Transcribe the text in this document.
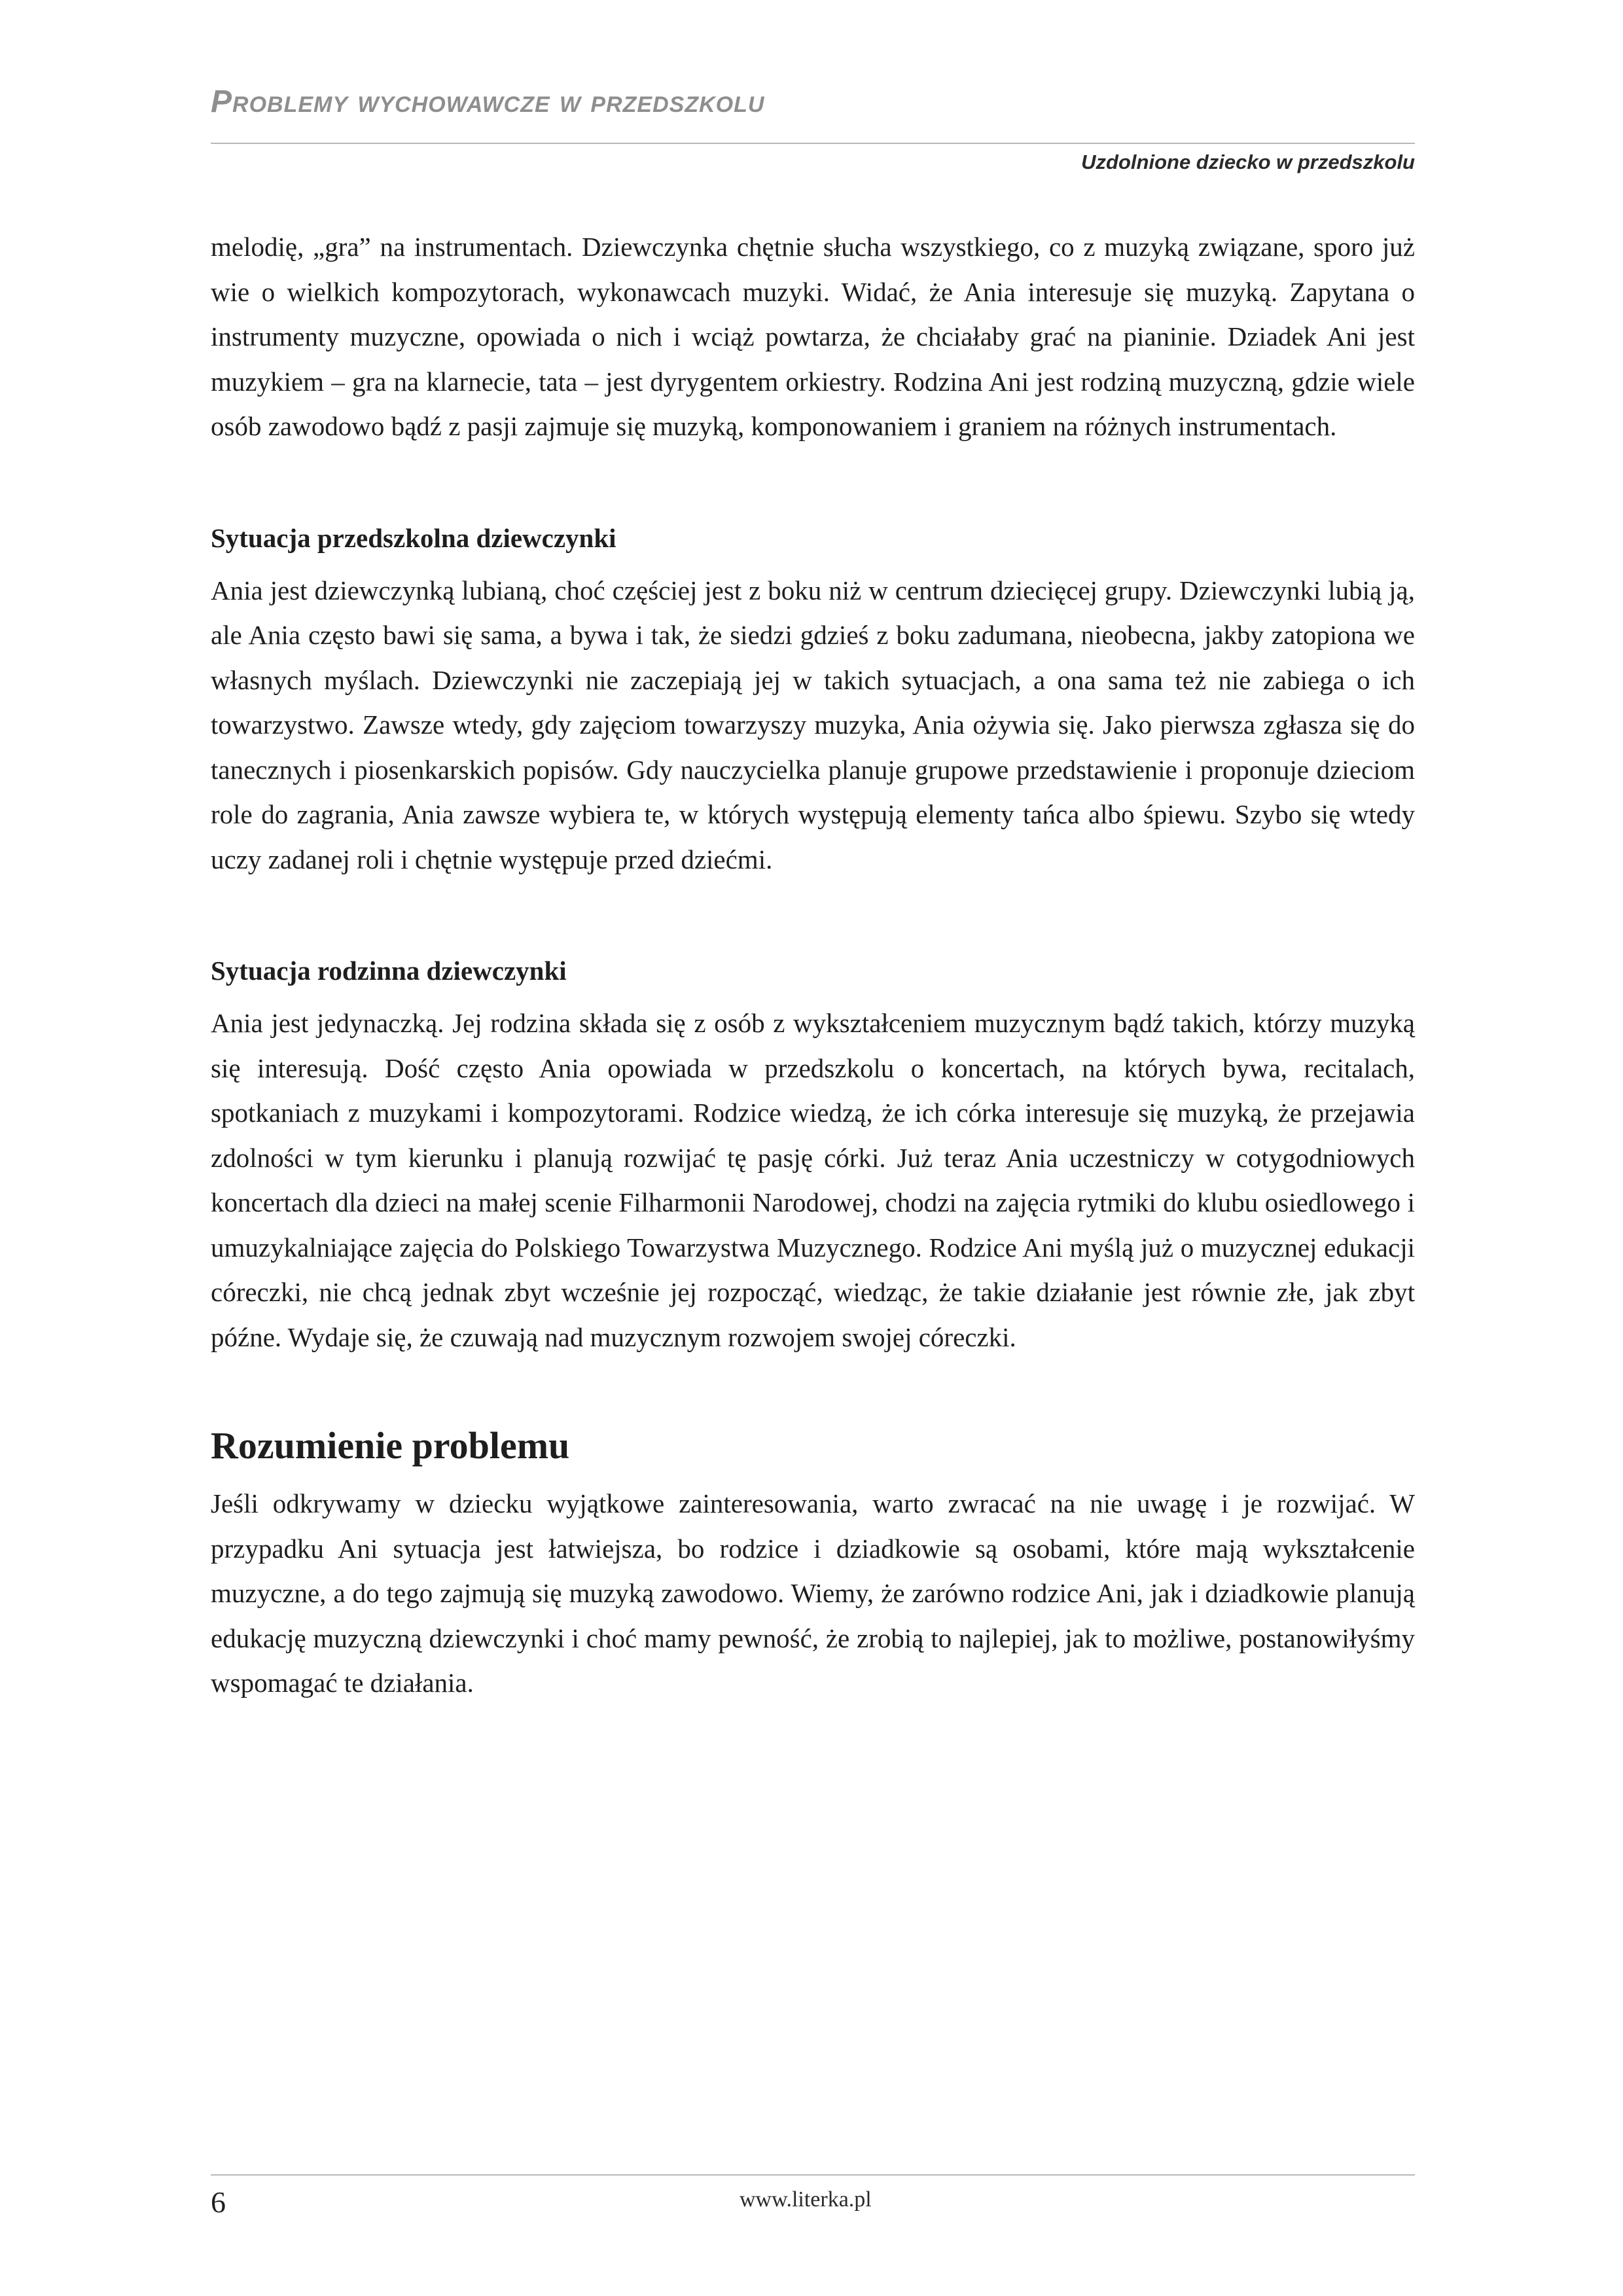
Problemy wychowawcze w przedszkolu
Uzdolnione dziecko w przedszkolu

melodię, „gra” na instrumentach. Dziewczynka chętnie słucha wszystkiego, co z muzyką związane, sporo już wie o wielkich kompozytorach, wykonawcach muzyki. Widać, że Ania interesuje się muzyką. Zapytana o instrumenty muzyczne, opowiada o nich i wciąż powtarza, że chciałaby grać na pianinie. Dziadek Ani jest muzykiem – gra na klarnecie, tata – jest dyrygentem orkiestry. Rodzina Ani jest rodziną muzyczną, gdzie wiele osób zawodowo bądź z pasji zajmuje się muzyką, komponowaniem i graniem na różnych instrumentach.

Sytuacja przedszkolna dziewczynki

Ania jest dziewczynką lubianą, choć częściej jest z boku niż w centrum dziecięcej grupy. Dziewczynki lubią ją, ale Ania często bawi się sama, a bywa i tak, że siedzi gdzieś z boku zadumana, nieobecna, jakby zatopiona we własnych myślach. Dziewczynki nie zaczepiają jej w takich sytuacjach, a ona sama też nie zabiega o ich towarzystwo. Zawsze wtedy, gdy zajęciom towarzyszy muzyka, Ania ożywia się. Jako pierwsza zgłasza się do tanecznych i piosenkarskich popisów. Gdy nauczycielka planuje grupowe przedstawienie i proponuje dzieciom role do zagrania, Ania zawsze wybiera te, w których występują elementy tańca albo śpiewu. Szybo się wtedy uczy zadanej roli i chętnie występuje przed dziećmi.

Sytuacja rodzinna dziewczynki

Ania jest jedynaczką. Jej rodzina składa się z osób z wykształceniem muzycznym bądź takich, którzy muzyką się interesują. Dość często Ania opowiada w przedszkolu o koncertach, na których bywa, recitalach, spotkaniach z muzykami i kompozytorami. Rodzice wiedzą, że ich córka interesuje się muzyką, że przejawia zdolności w tym kierunku i planują rozwijać tę pasję córki. Już teraz Ania uczestniczy w cotygodniowych koncertach dla dzieci na małej scenie Filharmonii Narodowej, chodzi na zajęcia rytmiki do klubu osiedlowego i umuzykalniające zajęcia do Polskiego Towarzystwa Muzycznego. Rodzice Ani myślą już o muzycznej edukacji córeczki, nie chcą jednak zbyt wcześnie jej rozpocząć, wiedząc, że takie działanie jest równie złe, jak zbyt późne. Wydaje się, że czuwają nad muzycznym rozwojem swojej córeczki.

Rozumienie problemu

Jeśli odkrywamy w dziecku wyjątkowe zainteresowania, warto zwracać na nie uwagę i je rozwijać. W przypadku Ani sytuacja jest łatwiejsza, bo rodzice i dziadkowie są osobami, które mają wykształcenie muzyczne, a do tego zajmują się muzyką zawodowo. Wiemy, że zarówno rodzice Ani, jak i dziadkowie planują edukację muzyczną dziewczynki i choć mamy pewność, że zrobią to najlepiej, jak to możliwe, postanowiłyśmy wspomagać te działania.

6	www.literka.pl
